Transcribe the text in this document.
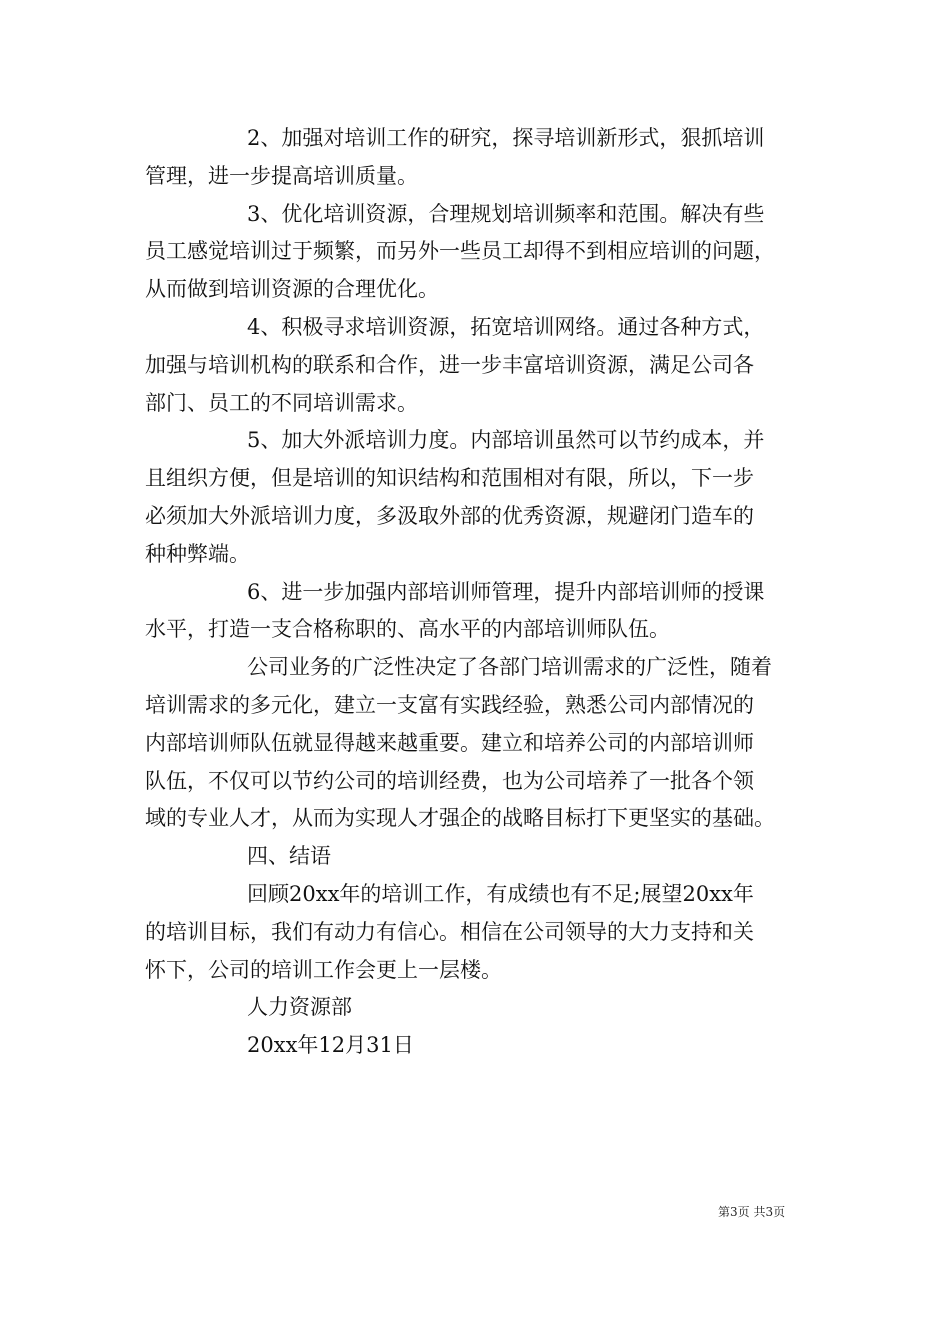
2、加强对培训工作的研究，探寻培训新形式，狠抓培训
管理，进一步提高培训质量。
3、优化培训资源，合理规划培训频率和范围。解决有些
员工感觉培训过于频繁，而另外一些员工却得不到相应培训的问题，
从而做到培训资源的合理优化。
4、积极寻求培训资源，拓宽培训网络。通过各种方式，
加强与培训机构的联系和合作，进一步丰富培训资源，满足公司各
部门、员工的不同培训需求。
5、加大外派培训力度。内部培训虽然可以节约成本，并
且组织方便，但是培训的知识结构和范围相对有限，所以，下一步
必须加大外派培训力度，多汲取外部的优秀资源，规避闭门造车的
种种弊端。
6、进一步加强内部培训师管理，提升内部培训师的授课
水平，打造一支合格称职的、高水平的内部培训师队伍。
公司业务的广泛性决定了各部门培训需求的广泛性，随着
培训需求的多元化，建立一支富有实践经验，熟悉公司内部情况的
内部培训师队伍就显得越来越重要。建立和培养公司的内部培训师
队伍，不仅可以节约公司的培训经费，也为公司培养了一批各个领
域的专业人才，从而为实现人才强企的战略目标打下更坚实的基础。
四、结语
回顾20xx年的培训工作，有成绩也有不足;展望20xx年
的培训目标，我们有动力有信心。相信在公司领导的大力支持和关
怀下，公司的培训工作会更上一层楼。
人力资源部
20xx年12月31日
第3页 共3页
